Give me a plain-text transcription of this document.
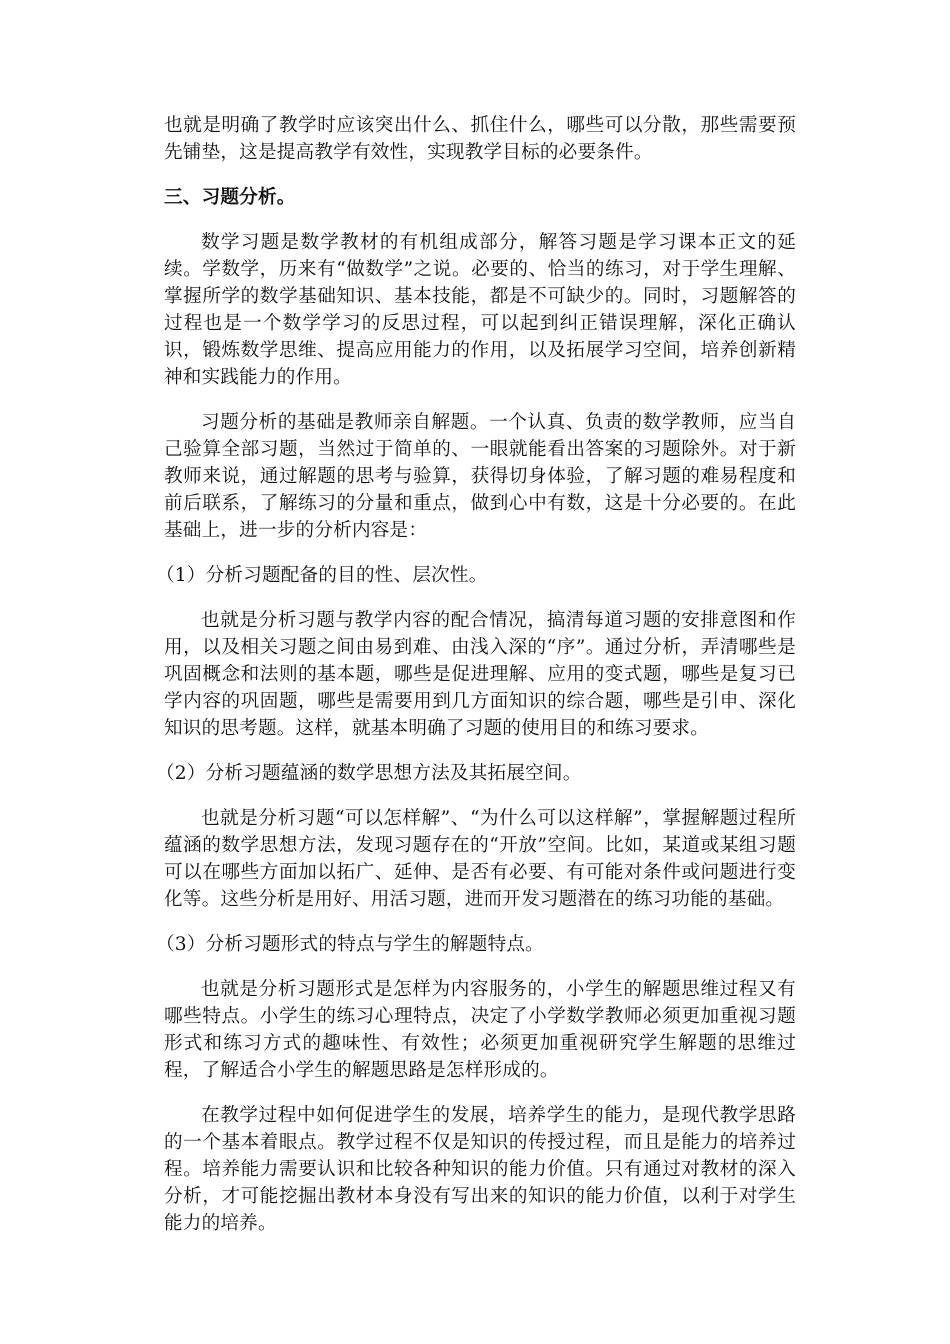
也就是明确了教学时应该突出什么、抓住什么，哪些可以分散，那些需要预先铺垫，这是提高教学有效性，实现教学目标的必要条件。

三、习题分析。

数学习题是数学教材的有机组成部分，解答习题是学习课本正文的延续。学数学，历来有“做数学”之说。必要的、恰当的练习，对于学生理解、掌握所学的数学基础知识、基本技能，都是不可缺少的。同时，习题解答的过程也是一个数学学习的反思过程，可以起到纠正错误理解，深化正确认识，锻炼数学思维、提高应用能力的作用，以及拓展学习空间，培养创新精神和实践能力的作用。

习题分析的基础是教师亲自解题。一个认真、负责的数学教师，应当自己验算全部习题，当然过于简单的、一眼就能看出答案的习题除外。对于新教师来说，通过解题的思考与验算，获得切身体验，了解习题的难易程度和前后联系，了解练习的分量和重点，做到心中有数，这是十分必要的。在此基础上，进一步的分析内容是：

（1）分析习题配备的目的性、层次性。

也就是分析习题与教学内容的配合情况，搞清每道习题的安排意图和作用，以及相关习题之间由易到难、由浅入深的“序”。通过分析，弄清哪些是巩固概念和法则的基本题，哪些是促进理解、应用的变式题，哪些是复习已学内容的巩固题，哪些是需要用到几方面知识的综合题，哪些是引申、深化知识的思考题。这样，就基本明确了习题的使用目的和练习要求。

（2）分析习题蕴涵的数学思想方法及其拓展空间。

也就是分析习题“可以怎样解”、“为什么可以这样解”，掌握解题过程所蕴涵的数学思想方法，发现习题存在的“开放”空间。比如，某道或某组习题可以在哪些方面加以拓广、延伸、是否有必要、有可能对条件或问题进行变化等。这些分析是用好、用活习题，进而开发习题潜在的练习功能的基础。

（3）分析习题形式的特点与学生的解题特点。

也就是分析习题形式是怎样为内容服务的，小学生的解题思维过程又有哪些特点。小学生的练习心理特点，决定了小学数学教师必须更加重视习题形式和练习方式的趣味性、有效性；必须更加重视研究学生解题的思维过程，了解适合小学生的解题思路是怎样形成的。

在教学过程中如何促进学生的发展，培养学生的能力，是现代教学思路的一个基本着眼点。教学过程不仅是知识的传授过程，而且是能力的培养过程。培养能力需要认识和比较各种知识的能力价值。只有通过对教材的深入分析，才可能挖掘出教材本身没有写出来的知识的能力价值，以利于对学生能力的培养。
